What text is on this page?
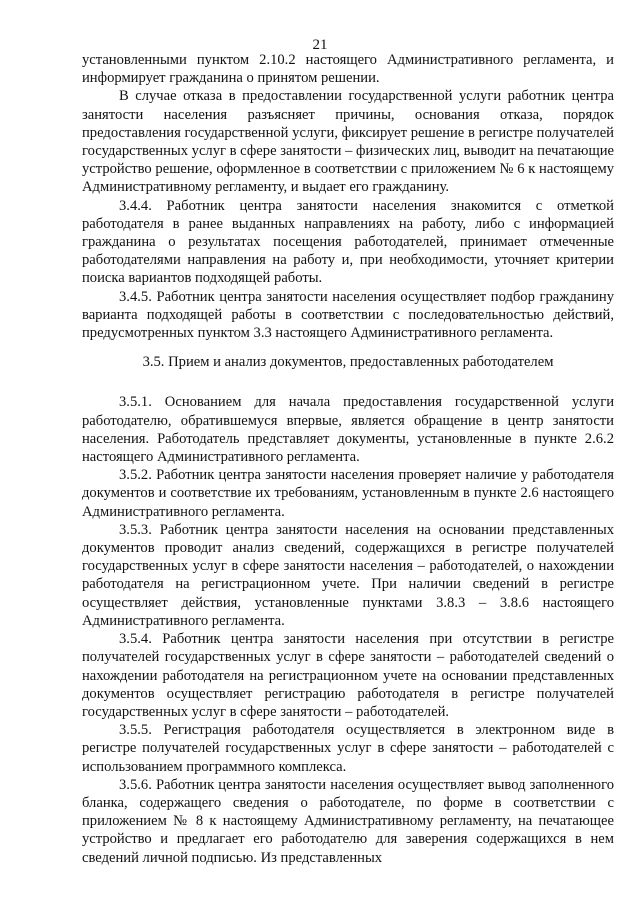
21

установленными пунктом 2.10.2 настоящего Административного регламента, и информирует гражданина о принятом решении.

В случае отказа в предоставлении государственной услуги работник центра занятости населения разъясняет причины, основания отказа, порядок предоставления государственной услуги, фиксирует решение в регистре получателей государственных услуг в сфере занятости – физических лиц, выводит на печатающие устройство решение, оформленное в соответствии с приложением № 6 к настоящему Административному регламенту, и выдает его гражданину.

3.4.4. Работник центра занятости населения знакомится с отметкой работодателя в ранее выданных направлениях на работу, либо с информацией гражданина о результатах посещения работодателей, принимает отмеченные работодателями направления на работу и, при необходимости, уточняет критерии поиска вариантов подходящей работы.

3.4.5. Работник центра занятости населения осуществляет подбор гражданину варианта подходящей работы в соответствии с последовательностью действий, предусмотренных пунктом 3.3 настоящего Административного регламента.

3.5. Прием и анализ документов, предоставленных работодателем

3.5.1. Основанием для начала предоставления государственной услуги работодателю, обратившемуся впервые, является обращение в центр занятости населения. Работодатель представляет документы, установленные в пункте 2.6.2 настоящего Административного регламента.

3.5.2. Работник центра занятости населения проверяет наличие у работодателя документов и соответствие их требованиям, установленным в пункте 2.6 настоящего Административного регламента.

3.5.3. Работник центра занятости населения на основании представленных документов проводит анализ сведений, содержащихся в регистре получателей государственных услуг в сфере занятости населения – работодателей, о нахождении работодателя на регистрационном учете. При наличии сведений в регистре осуществляет действия, установленные пунктами 3.8.3 – 3.8.6 настоящего Административного регламента.

3.5.4. Работник центра занятости населения при отсутствии в регистре получателей государственных услуг в сфере занятости – работодателей сведений о нахождении работодателя на регистрационном учете на основании представленных документов осуществляет регистрацию работодателя в регистре получателей государственных услуг в сфере занятости – работодателей.

3.5.5. Регистрация работодателя осуществляется в электронном виде в регистре получателей государственных услуг в сфере занятости – работодателей с использованием программного комплекса.

3.5.6. Работник центра занятости населения осуществляет вывод заполненного бланка, содержащего сведения о работодателе, по форме в соответствии с приложением № 8 к настоящему Административному регламенту, на печатающее устройство и предлагает его работодателю для заверения содержащихся в нем сведений личной подписью. Из представленных
